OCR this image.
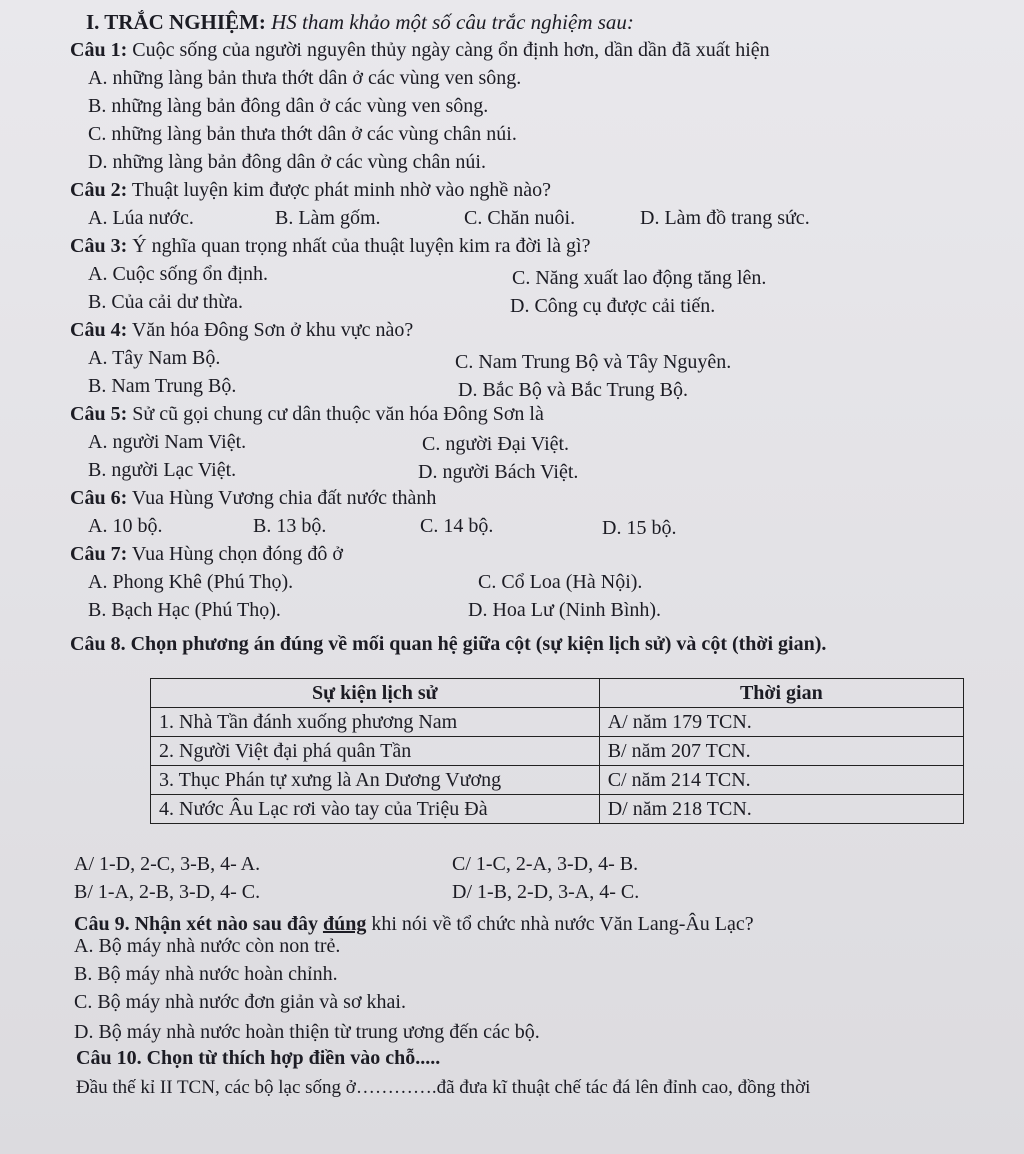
I. TRẮC NGHIỆM: HS tham khảo một số câu trắc nghiệm sau:
Câu 1: Cuộc sống của người nguyên thủy ngày càng ổn định hơn, dần dần đã xuất hiện
A. những làng bản thưa thớt dân ở các vùng ven sông.
B. những làng bản đông dân ở các vùng ven sông.
C. những làng bản thưa thớt dân ở các vùng chân núi.
D. những làng bản đông dân ở các vùng chân núi.
Câu 2: Thuật luyện kim được phát minh nhờ vào nghề nào?
A. Lúa nước.	B. Làm gốm.	C. Chăn nuôi.	D. Làm đồ trang sức.
Câu 3: Ý nghĩa quan trọng nhất của thuật luyện kim ra đời là gì?
A. Cuộc sống ổn định.	C. Năng xuất lao động tăng lên.
B. Của cải dư thừa.	D. Công cụ được cải tiến.
Câu 4: Văn hóa Đông Sơn ở khu vực nào?
A. Tây Nam Bộ.	C. Nam Trung Bộ và Tây Nguyên.
B. Nam Trung Bộ.	D. Bắc Bộ và Bắc Trung Bộ.
Câu 5: Sử cũ gọi chung cư dân thuộc văn hóa Đông Sơn là
A. người Nam Việt.	C. người Đại Việt.
B. người Lạc Việt.	D. người Bách Việt.
Câu 6: Vua Hùng Vương chia đất nước thành
A. 10 bộ.	B. 13 bộ.	C. 14 bộ.	D. 15 bộ.
Câu 7: Vua Hùng chọn đóng đô ở
A. Phong Khê (Phú Thọ).	C. Cổ Loa (Hà Nội).
B. Bạch Hạc (Phú Thọ).	D. Hoa Lư (Ninh Bình).
Câu 8. Chọn phương án đúng về mối quan hệ giữa cột (sự kiện lịch sử) và cột (thời gian).
Sự kiện lịch sử	Thời gian
1. Nhà Tần đánh xuống phương Nam	A/ năm 179 TCN.
2. Người Việt đại phá quân Tần	B/ năm 207 TCN.
3. Thục Phán tự xưng là An Dương Vương	C/ năm 214 TCN.
4. Nước Âu Lạc rơi vào tay của Triệu Đà	D/ năm 218 TCN.
A/ 1-D, 2-C, 3-B, 4- A.	C/ 1-C, 2-A, 3-D, 4- B.
B/ 1-A, 2-B, 3-D, 4- C.	D/ 1-B, 2-D, 3-A, 4- C.
Câu 9. Nhận xét nào sau đây đúng khi nói về tổ chức nhà nước Văn Lang-Âu Lạc?
A. Bộ máy nhà nước còn non trẻ.
B. Bộ máy nhà nước hoàn chỉnh.
C. Bộ máy nhà nước đơn giản và sơ khai.
D. Bộ máy nhà nước hoàn thiện từ trung ương đến các bộ.
Câu 10. Chọn từ thích hợp điền vào chỗ.....
Đầu thế kỉ II TCN, các bộ lạc sống ở………….đã đưa kĩ thuật chế tác đá lên đỉnh cao, đồng thời
